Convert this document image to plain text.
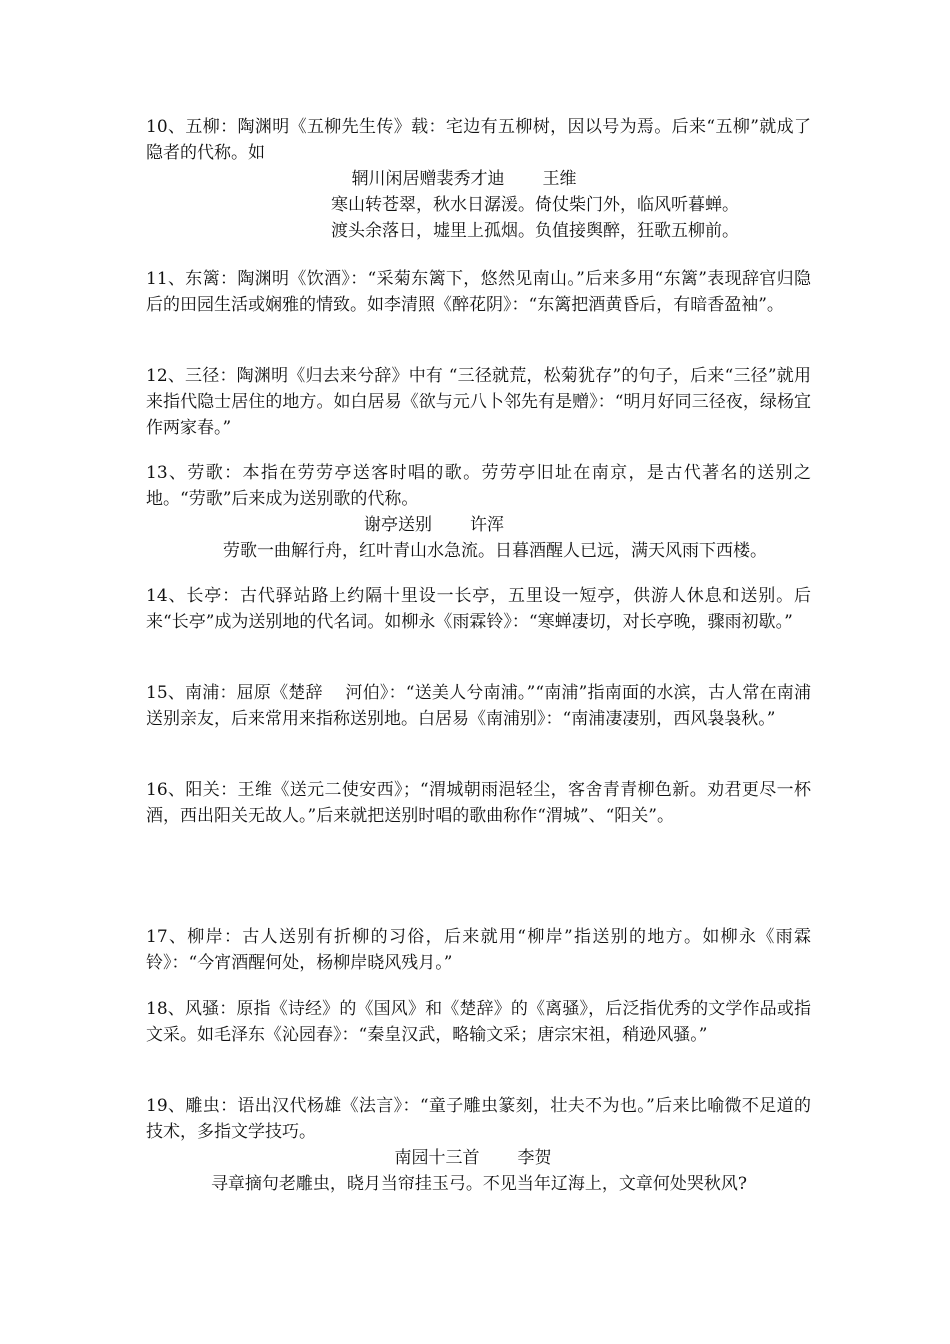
10、五柳：陶渊明《五柳先生传》载：宅边有五柳树，因以号为焉。后来“五柳”就成了隐者的代称。如

辋川闲居赠裴秀才迪 王维

寒山转苍翠，秋水日潺湲。倚仗柴门外，临风听暮蝉。

渡头余落日，墟里上孤烟。负值接舆醉，狂歌五柳前。

11、东篱：陶渊明《饮酒》：“采菊东篱下，悠然见南山。”后来多用“东篱”表现辞官归隐后的田园生活或娴雅的情致。如李清照《醉花阴》：“东篱把酒黄昏后，有暗香盈袖”。

12、三径：陶渊明《归去来兮辞》中有 “三径就荒，松菊犹存”的句子，后来“三径”就用来指代隐士居住的地方。如白居易《欲与元八卜邻先有是赠》：“明月好同三径夜，绿杨宜作两家春。”

13、劳歌：本指在劳劳亭送客时唱的歌。劳劳亭旧址在南京，是古代著名的送别之地。“劳歌”后来成为送别歌的代称。

谢亭送别 许浑

劳歌一曲解行舟，红叶青山水急流。日暮酒醒人已远，满天风雨下西楼。

14、长亭：古代驿站路上约隔十里设一长亭，五里设一短亭，供游人休息和送别。后来“长亭”成为送别地的代名词。如柳永《雨霖铃》：“寒蝉凄切，对长亭晚，骤雨初歇。”

15、南浦：屈原《楚辞 　河伯》：“送美人兮南浦。”“南浦”指南面的水滨，古人常在南浦送别亲友，后来常用来指称送别地。白居易《南浦别》：“南浦凄凄别，西风袅袅秋。”

16、阳关：王维《送元二使安西》；“渭城朝雨浥轻尘，客舍青青柳色新。劝君更尽一杯酒，西出阳关无故人。”后来就把送别时唱的歌曲称作“渭城”、“阳关”。

17、柳岸：古人送别有折柳的习俗，后来就用“柳岸”指送别的地方。如柳永《雨霖铃》：“今宵酒醒何处，杨柳岸晓风残月。”

18、风骚：原指《诗经》的《国风》和《楚辞》的《离骚》，后泛指优秀的文学作品或指文采。如毛泽东《沁园春》：“秦皇汉武，略输文采；唐宗宋祖，稍逊风骚。”

19、雕虫：语出汉代杨雄《法言》：“童子雕虫篆刻，壮夫不为也。”后来比喻微不足道的技术，多指文学技巧。

南园十三首 李贺

寻章摘句老雕虫，晓月当帘挂玉弓。不见当年辽海上，文章何处哭秋风?
